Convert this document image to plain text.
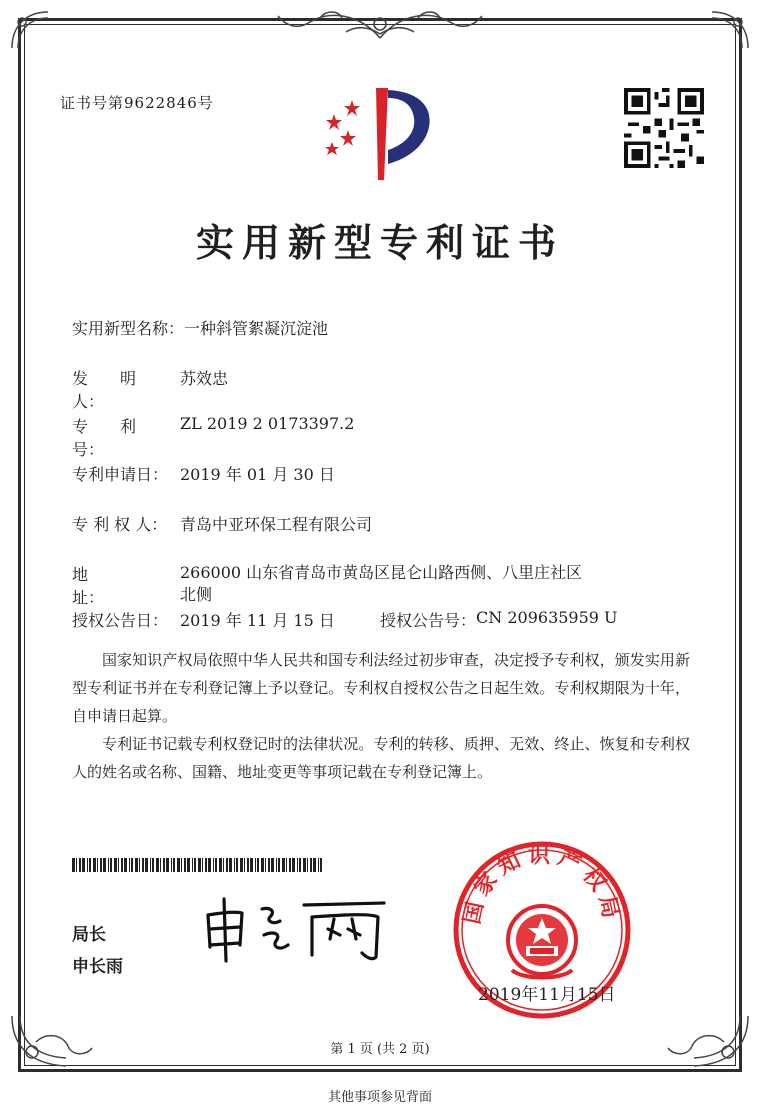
证书号第9622846号
实用新型专利证书
实用新型名称： 一种斜管絮凝沉淀池
发　　明　人：
苏效忠
专　　利　号：
ZL 2019 2 0173397.2
专利申请日： 2019 年 01 月 30 日
专 利 权 人： 青岛中亚环保工程有限公司
地　　　　址：
266000 山东省青岛市黄岛区昆仑山路西侧、八里庄社区
北侧
授权公告日： 2019 年 11 月 15 日	授权公告号： CN 209635959 U
国家知识产权局依照中华人民共和国专利法经过初步审查，决定授予专利权，颁发实用新型专利证书并在专利登记簿上予以登记。专利权自授权公告之日起生效。专利权期限为十年，自申请日起算。
专利证书记载专利权登记时的法律状况。专利的转移、质押、无效、终止、恢复和专利权人的姓名或名称、国籍、地址变更等事项记载在专利登记簿上。
局长
申长雨
国家知识产权局
2019年11月15日
第 1 页 (共 2 页)
其他事项参见背面
